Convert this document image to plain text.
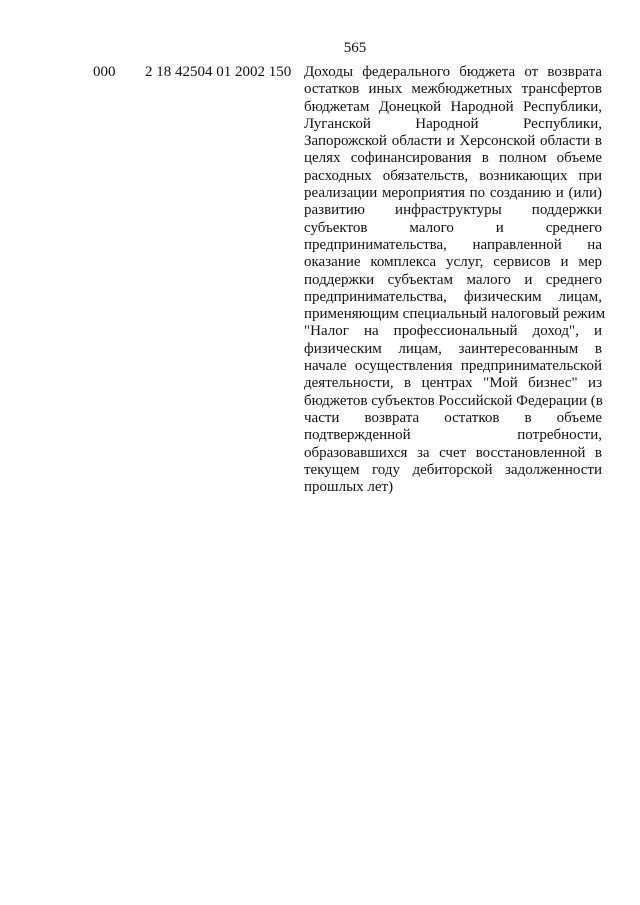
565
000 2 18 42504 01 2002 150 Доходы федерального бюджета от возврата
остатков иных межбюджетных трансфертов
бюджетам Донецкой Народной Республики,
Луганской Народной Республики,
Запорожской области и Херсонской области в
целях софинансирования в полном объеме
расходных обязательств, возникающих при
реализации мероприятия по созданию и (или)
развитию инфраструктуры поддержки
субъектов малого и среднего
предпринимательства, направленной на
оказание комплекса услуг, сервисов и мер
поддержки субъектам малого и среднего
предпринимательства, физическим лицам,
применяющим специальный налоговый режим
"Налог на профессиональный доход", и
физическим лицам, заинтересованным в
начале осуществления предпринимательской
деятельности, в центрах "Мой бизнес" из
бюджетов субъектов Российской Федерации (в
части возврата остатков в объеме
подтвержденной потребности,
образовавшихся за счет восстановленной в
текущем году дебиторской задолженности
прошлых лет)
